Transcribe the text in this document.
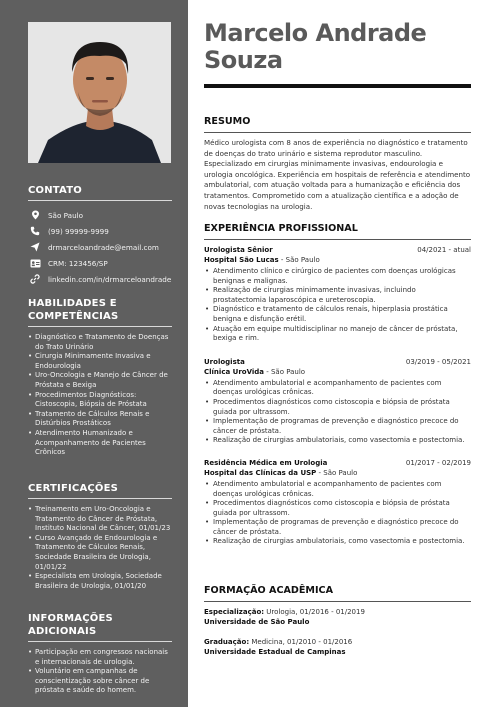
CONTATO
São Paulo
(99) 99999-9999
drmarceloandrade@email.com
CRM: 123456/SP
linkedin.com/in/drmarceloandrade
HABILIDADES E
COMPETÊNCIAS
• Diagnóstico e Tratamento de Doenças do Trato Urinário
• Cirurgia Minimamente Invasiva e Endourologia
• Uro-Oncologia e Manejo de Câncer de Próstata e Bexiga
• Procedimentos Diagnósticos: Cistoscopia, Biópsia de Próstata
• Tratamento de Cálculos Renais e Distúrbios Prostáticos
• Atendimento Humanizado e Acompanhamento de Pacientes Crônicos
CERTIFICAÇÕES
• Treinamento em Uro-Oncologia e Tratamento do Câncer de Próstata, Instituto Nacional de Câncer, 01/01/23
• Curso Avançado de Endourologia e Tratamento de Cálculos Renais, Sociedade Brasileira de Urologia, 01/01/22
• Especialista em Urologia, Sociedade Brasileira de Urologia, 01/01/20
INFORMAÇÕES ADICIONAIS
• Participação em congressos nacionais e internacionais de urologia.
• Voluntário em campanhas de conscientização sobre câncer de próstata e saúde do homem.
Marcelo Andrade
Souza
RESUMO
Médico urologista com 8 anos de experiência no diagnóstico e tratamento de doenças do trato urinário e sistema reprodutor masculino. Especializado em cirurgias minimamente invasivas, endourologia e urologia oncológica. Experiência em hospitais de referência e atendimento ambulatorial, com atuação voltada para a humanização e eficiência dos tratamentos. Comprometido com a atualização científica e a adoção de novas tecnologias na urologia.
EXPERIÊNCIA PROFISSIONAL
Urologista Sênior	04/2021 - atual
Hospital São Lucas - São Paulo
• Atendimento clínico e cirúrgico de pacientes com doenças urológicas benignas e malignas.
• Realização de cirurgias minimamente invasivas, incluindo prostatectomia laparoscópica e ureteroscopia.
• Diagnóstico e tratamento de cálculos renais, hiperplasia prostática benigna e disfunção erétil.
• Atuação em equipe multidisciplinar no manejo de câncer de próstata, bexiga e rim.
Urologista	03/2019 - 05/2021
Clínica UroVida - São Paulo
• Atendimento ambulatorial e acompanhamento de pacientes com doenças urológicas crônicas.
• Procedimentos diagnósticos como cistoscopia e biópsia de próstata guiada por ultrassom.
• Implementação de programas de prevenção e diagnóstico precoce do câncer de próstata.
• Realização de cirurgias ambulatoriais, como vasectomia e postectomia.
Residência Médica em Urologia	01/2017 - 02/2019
Hospital das Clínicas da USP - São Paulo
• Atendimento ambulatorial e acompanhamento de pacientes com doenças urológicas crônicas.
• Procedimentos diagnósticos como cistoscopia e biópsia de próstata guiada por ultrassom.
• Implementação de programas de prevenção e diagnóstico precoce do câncer de próstata.
• Realização de cirurgias ambulatoriais, como vasectomia e postectomia.
FORMAÇÃO ACADÊMICA
Especialização: Urologia, 01/2016 - 01/2019
Universidade de São Paulo
Graduação: Medicina, 01/2010 - 01/2016
Universidade Estadual de Campinas
